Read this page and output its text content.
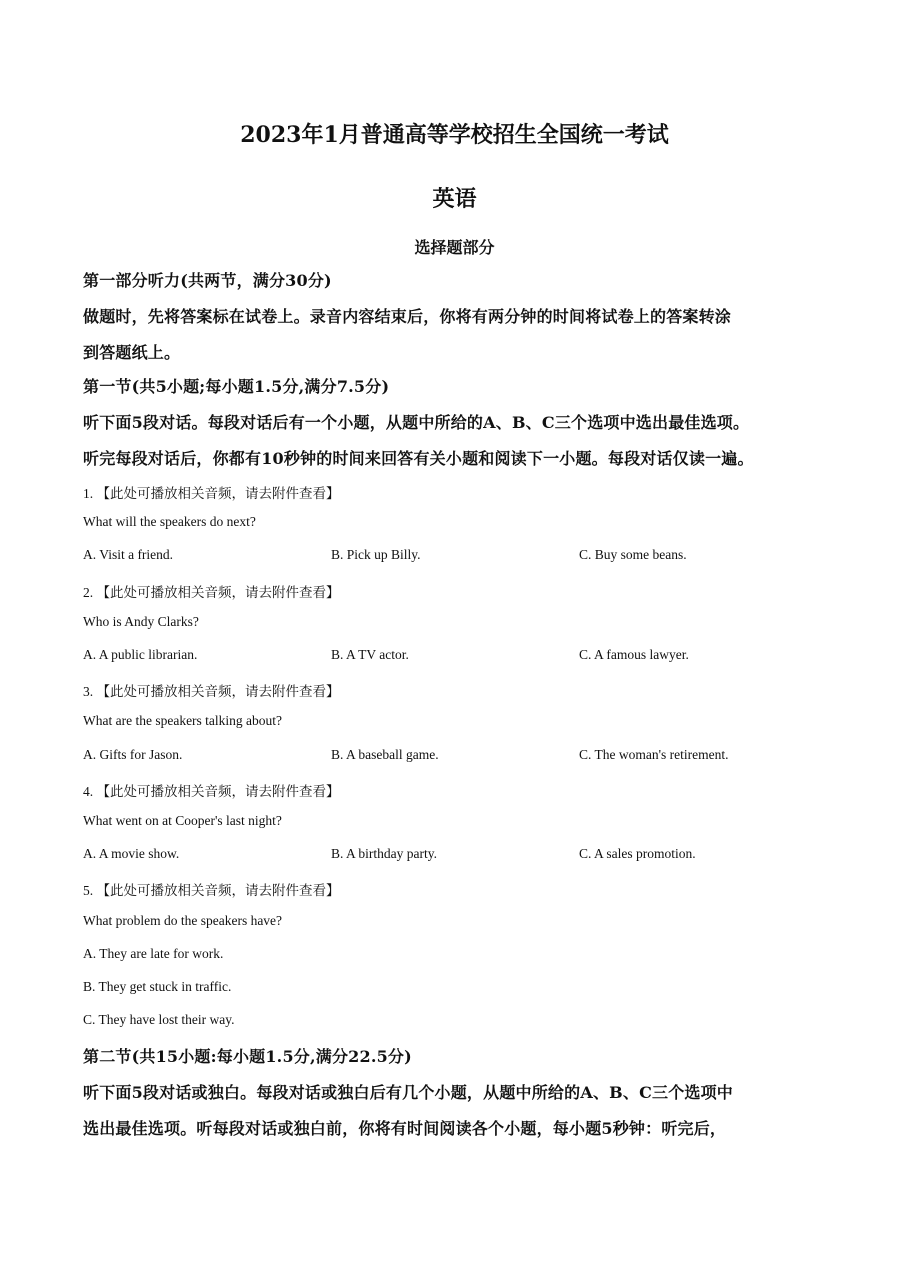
2023年1月普通高等学校招生全国统一考试
英语
选择题部分
第一部分听力(共两节，满分30分)
做题时，先将答案标在试卷上。录音内容结束后，你将有两分钟的时间将试卷上的答案转涂
到答题纸上。
第一节(共5小题;每小题1.5分,满分7.5分)
听下面5段对话。每段对话后有一个小题，从题中所给的A、B、C三个选项中选出最佳选项。
听完每段对话后，你都有10秒钟的时间来回答有关小题和阅读下一小题。每段对话仅读一遍。
1. 【此处可播放相关音频，请去附件查看】
What will the speakers do next?
A. Visit a friend.	B. Pick up Billy.	C. Buy some beans.
2. 【此处可播放相关音频，请去附件查看】
Who is Andy Clarks?
A. A public librarian.	B. A TV actor.	C. A famous lawyer.
3. 【此处可播放相关音频，请去附件查看】
What are the speakers talking about?
A. Gifts for Jason.	B. A baseball game.	C. The woman's retirement.
4. 【此处可播放相关音频，请去附件查看】
What went on at Cooper's last night?
A. A movie show.	B. A birthday party.	C. A sales promotion.
5. 【此处可播放相关音频，请去附件查看】
What problem do the speakers have?
A. They are late for work.
B. They get stuck in traffic.
C. They have lost their way.
第二节(共15小题:每小题1.5分,满分22.5分)
听下面5段对话或独白。每段对话或独白后有几个小题，从题中所给的A、B、C三个选项中
选出最佳选项。听每段对话或独白前，你将有时间阅读各个小题，每小题5秒钟：听完后，
